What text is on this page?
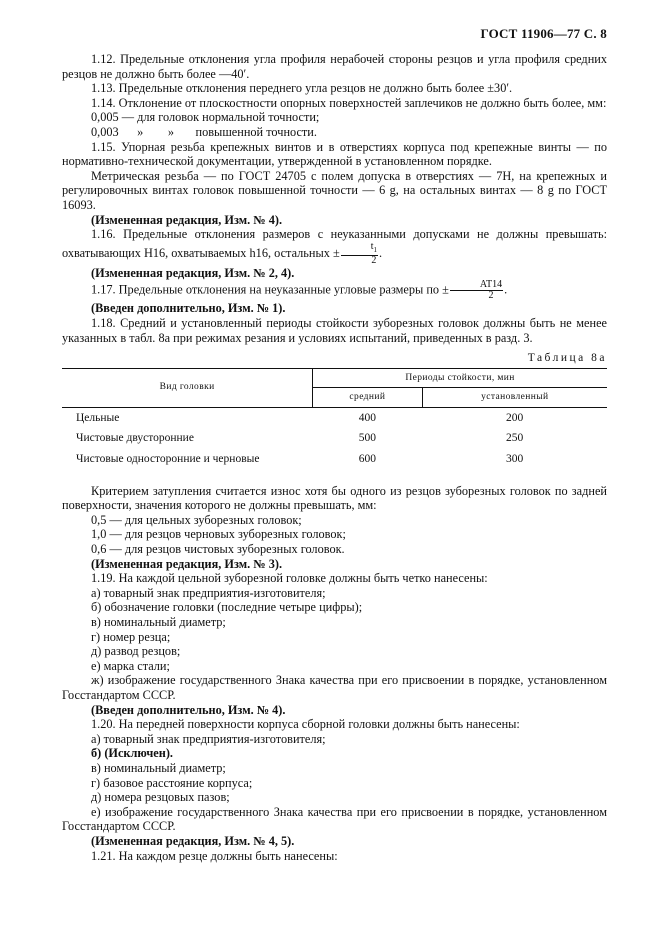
ГОСТ 11906—77 С. 8

1.12. Предельные отклонения угла профиля нерабочей стороны резцов и угла профиля средних резцов не должно быть более —40′.

1.13. Предельные отклонения переднего угла резцов не должно быть более ±30′.

1.14. Отклонение от плоскостности опорных поверхностей заплечиков не должно быть более, мм:

0,005 — для головок нормальной точности;

0,003      »        »       повышенной точности.

1.15. Упорная резьба крепежных винтов и в отверстиях корпуса под крепежные винты — по нормативно-технической документации, утвержденной в установленном порядке.

Метрическая резьба — по ГОСТ 24705 с полем допуска в отверстиях — 7Н, на крепежных и регулировочных винтах головок повышенной точности — 6 g, на остальных винтах — 8 g по ГОСТ 16093.

(Измененная редакция, Изм. № 4).

1.16. Предельные отклонения размеров с неуказанными допусками не должны превышать: охватывающих Н16, охватываемых h16, остальных ± $\frac{t_1}{2}$ .

(Измененная редакция, Изм. № 2, 4).

1.17. Предельные отклонения на неуказанные угловые размеры по ± $\frac{AT14}{2}$ .

(Введен дополнительно, Изм. № 1).

1.18. Средний и установленный периоды стойкости зуборезных головок должны быть не менее указанных в табл. 8а при режимах резания и условиях испытаний, приведенных в разд. 3.

Таблица 8а
Вид головки	Периоды стойкости, мин	
	средний	установленный
Цельные	400	200
Чистовые двусторонние	500	250
Чистовые односторонние и черновые	600	300

Критерием затупления считается износ хотя бы одного из резцов зуборезных головок по задней поверхности, значения которого не должны превышать, мм:

0,5 — для цельных зуборезных головок;

1,0 — для резцов черновых зуборезных головок;

0,6 — для резцов чистовых зуборезных головок.

(Измененная редакция, Изм. № 3).

1.19. На каждой цельной зуборезной головке должны быть четко нанесены:

а) товарный знак предприятия-изготовителя;

б) обозначение головки (последние четыре цифры);

в) номинальный диаметр;

г) номер резца;

д) развод резцов;

е) марка стали;

ж) изображение государственного Знака качества при его присвоении в порядке, установленном Госстандартом СССР.

(Введен дополнительно, Изм. № 4).

1.20. На передней поверхности корпуса сборной головки должны быть нанесены:

а) товарный знак предприятия-изготовителя;

б) (Исключен).

в) номинальный диаметр;

г) базовое расстояние корпуса;

д) номера резцовых пазов;

е) изображение государственного Знака качества при его присвоении в порядке, установленном Госстандартом СССР.

(Измененная редакция, Изм. № 4, 5).

1.21. На каждом резце должны быть нанесены:
